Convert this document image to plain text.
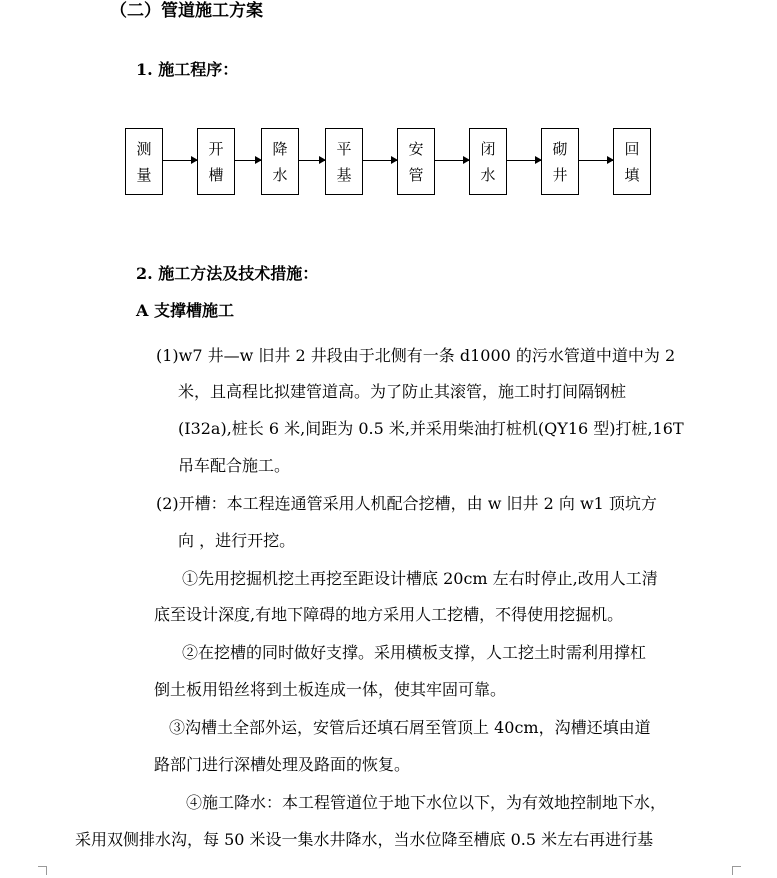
（二）管道施工方案
1. 施工程序：
测
量
开
槽
降
水
平
基
安
管
闭
水
砌
井
回
填
2. 施工方法及技术措施：
A 支撑槽施工
(1)w7 井—w 旧井 2 井段由于北侧有一条 d1000 的污水管道中道中为 2
米，且高程比拟建管道高。为了防止其滚管，施工时打间隔钢桩
(I32a),桩长 6 米,间距为 0.5 米,并采用柴油打桩机(QY16 型)打桩,16T
吊车配合施工。
(2)开槽：本工程连通管采用人机配合挖槽，由 w 旧井 2 向 w1 顶坑方
向 ，进行开挖。
①先用挖掘机挖土再挖至距设计槽底 20cm 左右时停止,改用人工清
底至设计深度,有地下障碍的地方采用人工挖槽，不得使用挖掘机。
②在挖槽的同时做好支撑。采用横板支撑，人工挖土时需利用撑杠
倒土板用铅丝将到土板连成一体，使其牢固可靠。
③沟槽土全部外运，安管后还填石屑至管顶上 40cm，沟槽还填由道
路部门进行深槽处理及路面的恢复。
④施工降水：本工程管道位于地下水位以下，为有效地控制地下水，
采用双侧排水沟，每 50 米设一集水井降水，当水位降至槽底 0.5 米左右再进行基
